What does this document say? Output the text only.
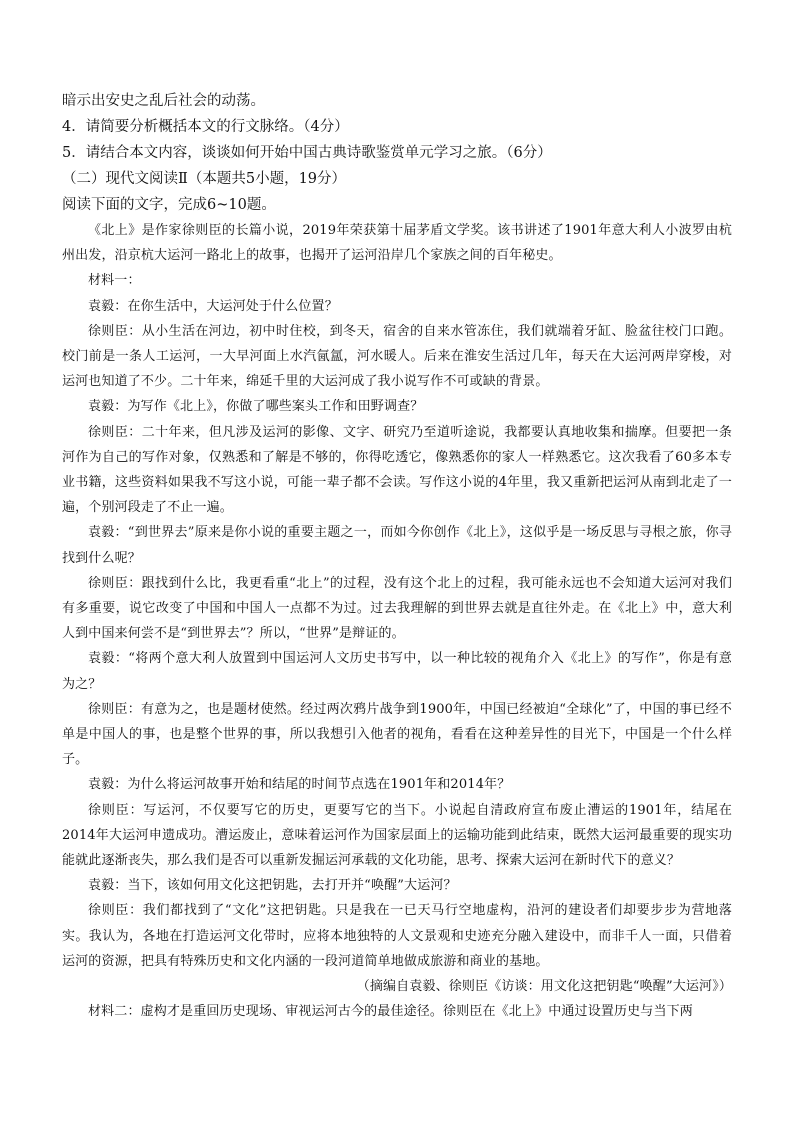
暗示出安史之乱后社会的动荡。

4．请简要分析概括本文的行文脉络。（4分）

5．请结合本文内容，谈谈如何开始中国古典诗歌鉴赏单元学习之旅。（6分）

（二）现代文阅读Ⅱ（本题共5小题，19分）

阅读下面的文字，完成6~10题。

《北上》是作家徐则臣的长篇小说，2019年荣获第十届茅盾文学奖。该书讲述了1901年意大利人小波罗由杭州出发，沿京杭大运河一路北上的故事，也揭开了运河沿岸几个家族之间的百年秘史。

材料一：

袁毅：在你生活中，大运河处于什么位置？

徐则臣：从小生活在河边，初中时住校，到冬天，宿舍的自来水管冻住，我们就端着牙缸、脸盆往校门口跑。校门前是一条人工运河，一大早河面上水汽氤氲，河水暖人。后来在淮安生活过几年，每天在大运河两岸穿梭，对运河也知道了不少。二十年来，绵延千里的大运河成了我小说写作不可或缺的背景。

袁毅：为写作《北上》，你做了哪些案头工作和田野调查？

徐则臣：二十年来，但凡涉及运河的影像、文字、研究乃至道听途说，我都要认真地收集和揣摩。但要把一条河作为自己的写作对象，仅熟悉和了解是不够的，你得吃透它，像熟悉你的家人一样熟悉它。这次我看了60多本专业书籍，这些资料如果我不写这小说，可能一辈子都不会读。写作这小说的4年里，我又重新把运河从南到北走了一遍，个别河段走了不止一遍。

袁毅：“到世界去”原来是你小说的重要主题之一，而如今你创作《北上》，这似乎是一场反思与寻根之旅，你寻找到什么呢？

徐则臣：跟找到什么比，我更看重“北上”的过程，没有这个北上的过程，我可能永远也不会知道大运河对我们有多重要，说它改变了中国和中国人一点都不为过。过去我理解的到世界去就是直往外走。在《北上》中，意大利人到中国来何尝不是“到世界去”？所以，“世界”是辩证的。

袁毅：“将两个意大利人放置到中国运河人文历史书写中，以一种比较的视角介入《北上》的写作”，你是有意为之？

徐则臣：有意为之，也是题材使然。经过两次鸦片战争到1900年，中国已经被迫“全球化”了，中国的事已经不单是中国人的事，也是整个世界的事，所以我想引入他者的视角，看看在这种差异性的目光下，中国是一个什么样子。

袁毅：为什么将运河故事开始和结尾的时间节点选在1901年和2014年？

徐则臣：写运河，不仅要写它的历史，更要写它的当下。小说起自清政府宣布废止漕运的1901年，结尾在2014年大运河申遗成功。漕运废止，意味着运河作为国家层面上的运输功能到此结束，既然大运河最重要的现实功能就此逐渐丧失，那么我们是否可以重新发掘运河承载的文化功能，思考、探索大运河在新时代下的意义？

袁毅：当下，该如何用文化这把钥匙，去打开并“唤醒”大运河？

徐则臣：我们都找到了“文化”这把钥匙。只是我在一已天马行空地虚构，沿河的建设者们却要步步为营地落实。我认为，各地在打造运河文化带时，应将本地独特的人文景观和史迹充分融入建设中，而非千人一面，只借着运河的资源，把具有特殊历史和文化内涵的一段河道简单地做成旅游和商业的基地。

（摘编自袁毅、徐则臣《访谈：用文化这把钥匙“唤醒”大运河》）

材料二：虚构才是重回历史现场、审视运河古今的最佳途径。徐则臣在《北上》中通过设置历史与当下两
